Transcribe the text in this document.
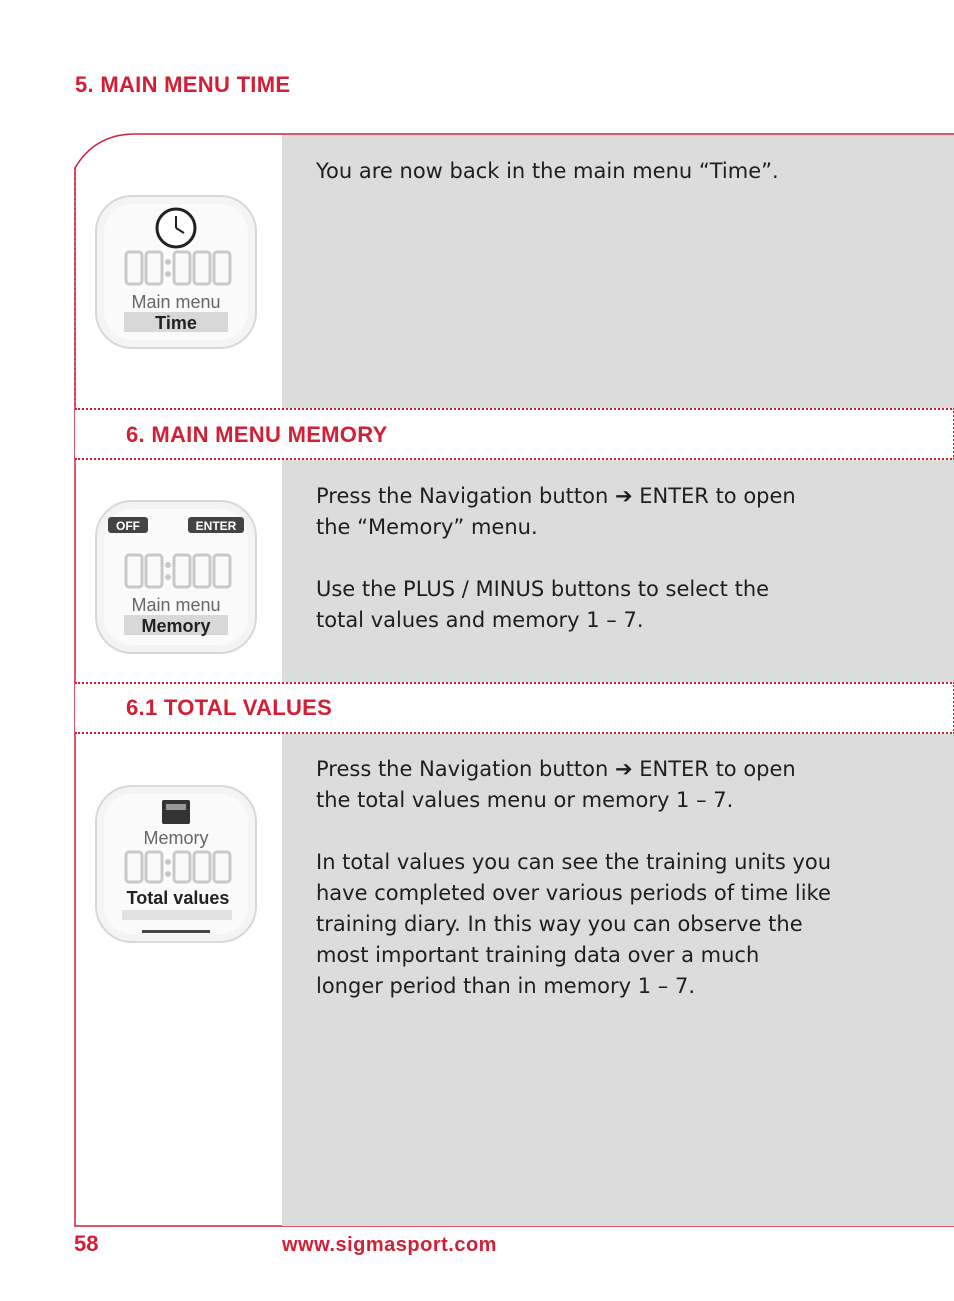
5. MAIN MENU TIME

You are now back in the main menu “Time”.

Main menu
Time
6. MAIN MENU MEMORY

Press the Navigation button ➔ ENTER to open

the “Memory” menu.

Use the PLUS / MINUS buttons to select the

total values and memory 1 – 7.

OFF	ENTER
Main menu
Memory
6.1 TOTAL VALUES

Press the Navigation button ➔ ENTER to open

the total values menu or memory 1 – 7.

In total values you can see the training units you

have completed over various periods of time like

training diary. In this way you can observe the

most important training data over a much

longer period than in memory 1 – 7.

Memory
Total values
58	www.sigmasport.com
